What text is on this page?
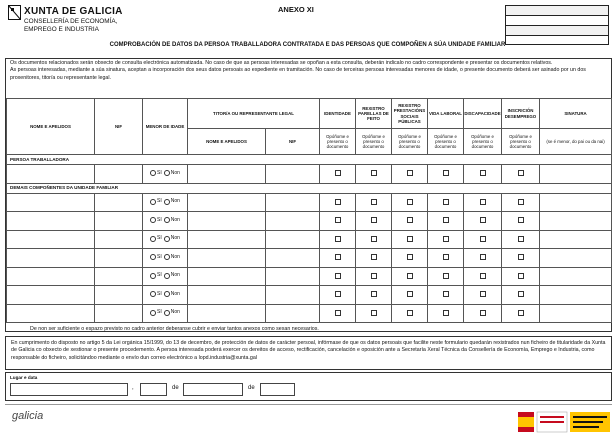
XUNTA DE GALICIA
CONSELLERÍA DE ECONOMÍA,
EMPREGO E INDUSTRIA
ANEXO XI
COMPROBACIÓN DE DATOS DA PERSOA TRABALLADORA CONTRATADA E DAS PERSOAS QUE COMPOÑEN A SÚA UNIDADE FAMILIAR

Os documentos relacionados serán obxecto de consulta electrónica automatizada. No caso de que as persoas interesadas se opoñan a esta consulta, deberán indicalo no cadro correspondente e presentar os documentos relativos.

As persoas interesadas, mediante a súa sinatura, aceptan a incorporación dos seus datos persoais ao expediente en tramitación. No caso de terceiras persoas interesadas menores de idade, o presente documento deberá ser asinado por un dos proxenitores, titor/a ou representante legal.

NOME E APELIDOS	NIF	MENOR DE IDADE	TITOR/A OU REPRESENTANTE LEGAL		IDENTIDADE	REXISTRO PARELLAS DE FEITO	REXISTRO PRESTACIÓNS SOCIAIS PÚBLICAS	VIDA LABORAL	DISCAPACIDADE	INSCRICIÓN DESEMPREGO	SINATURA
			NOME E APELIDOS	NIF	Opóñome e presento o documento	Opóñome e presento o documento	Opóñome e presento o documento	Opóñome e presento o documento	Opóñome e presento o documento	Opóñome e presento o documento	(se é menor, do pai ou da nai)
PERSOA TRABALLADORA											

		SI Non									

DEMAIS COMPOÑENTES DA UNIDADE FAMILIAR											

		SI Non									

		SI Non									

		SI Non									

		SI Non									

		SI Non									

		SI Non									

		SI Non									

De non ser suficiente o espazo previsto no cadro anterior deberanse cubrir e enviar tantos anexos como sexan necesarios.
En cumprimento do disposto no artigo 5 da Lei orgánica 15/1999, do 13 de decembro, de protección de datos de carácter persoal, infórmase de que os datos persoais que facilite neste formulario quedarán rexistrados nun ficheiro de titularidade da Xunta de Galicia co obxecto de xestionar o presente procedemento. A persoa interesada poderá exercer os dereitos de acceso, rectificación, cancelación e oposición ante a Secretaría Xeral Técnica da Consellería de Economía, Emprego e Industria, como responsable do ficheiro, solicitándoo mediante o envío dun correo electrónico a lopd.industria@xunta.gal
Lugar e data
,	de	de
galicia
